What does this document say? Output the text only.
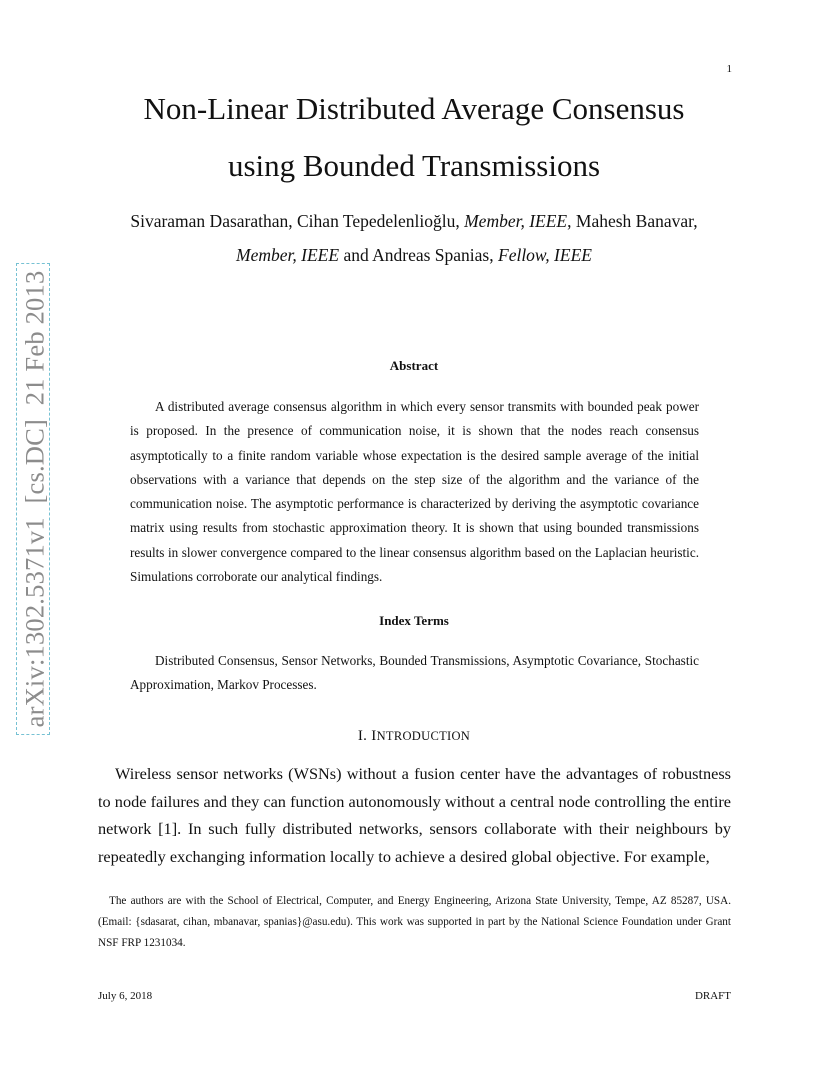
1
Non-Linear Distributed Average Consensus
using Bounded Transmissions
Sivaraman Dasarathan, Cihan Tepedelenlioğlu, Member, IEEE, Mahesh Banavar,
Member, IEEE and Andreas Spanias, Fellow, IEEE
Abstract
A distributed average consensus algorithm in which every sensor transmits with bounded peak power is proposed. In the presence of communication noise, it is shown that the nodes reach consensus asymptotically to a finite random variable whose expectation is the desired sample average of the initial observations with a variance that depends on the step size of the algorithm and the variance of the communication noise. The asymptotic performance is characterized by deriving the asymptotic covariance matrix using results from stochastic approximation theory. It is shown that using bounded transmissions results in slower convergence compared to the linear consensus algorithm based on the Laplacian heuristic. Simulations corroborate our analytical findings.
Index Terms
Distributed Consensus, Sensor Networks, Bounded Transmissions, Asymptotic Covariance, Stochastic Approximation, Markov Processes.
I. INTRODUCTION
Wireless sensor networks (WSNs) without a fusion center have the advantages of robustness to node failures and they can function autonomously without a central node controlling the entire network [1]. In such fully distributed networks, sensors collaborate with their neighbours by repeatedly exchanging information locally to achieve a desired global objective. For example,
The authors are with the School of Electrical, Computer, and Energy Engineering, Arizona State University, Tempe, AZ 85287, USA. (Email: {sdasarat, cihan, mbanavar, spanias}@asu.edu). This work was supported in part by the National Science Foundation under Grant NSF FRP 1231034.
July 6, 2018	DRAFT
arXiv:1302.5371v1  [cs.DC]  21 Feb 2013
